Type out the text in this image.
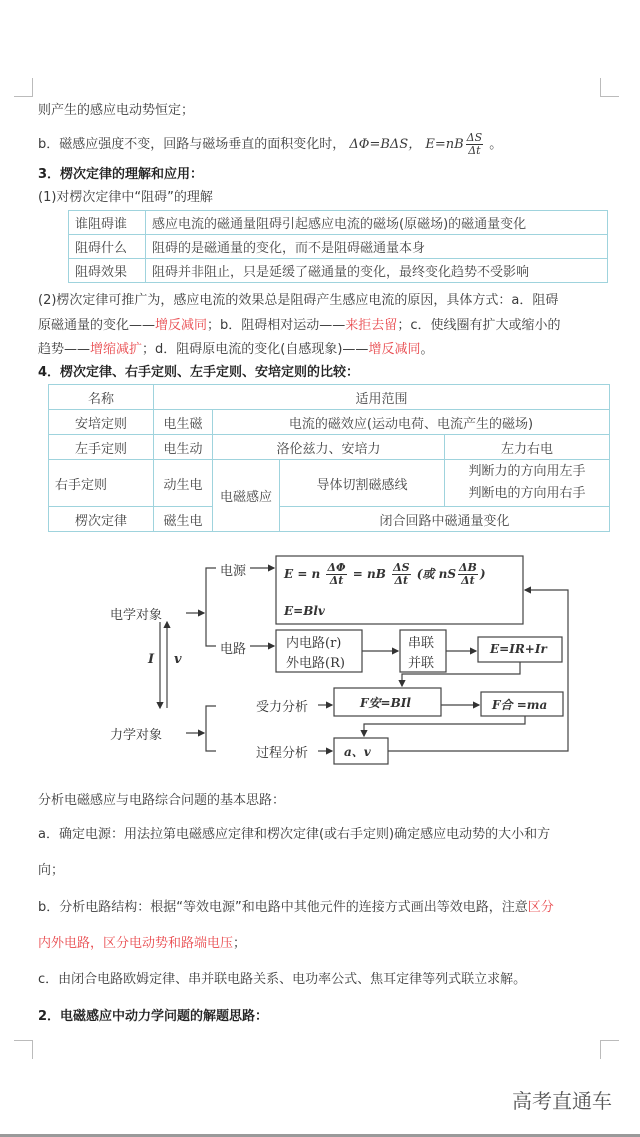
则产生的感应电动势恒定；
b．磁感应强度不变，回路与磁场垂直的面积变化时， ΔΦ=BΔS， $E=nB \frac{\Delta S}{\Delta t}$ 。
3．楞次定律的理解和应用：
(1)对楞次定律中“阻碍”的理解
谁阻碍谁	感应电流的磁通量阻碍引起感应电流的磁场(原磁场)的磁通量变化
阻碍什么	阻碍的是磁通量的变化，而不是阻碍磁通量本身
阻碍效果	阻碍并非阻止，只是延缓了磁通量的变化，最终变化趋势不受影响
(2)楞次定律可推广为，感应电流的效果总是阻碍产生感应电流的原因，具体方式：a．阻碍
原磁通量的变化——增反减同；b．阻碍相对运动——来拒去留；c．使线圈有扩大或缩小的
趋势——增缩减扩；d．阻碍原电流的变化(自感现象)——增反减同。
4．楞次定律、右手定则、左手定则、安培定则的比较：
名称	适用范围			
安培定则	电生磁	电流的磁效应(运动电荷、电流产生的磁场)		
左手定则	电生动	洛伦兹力、安培力		左力右电
右手定则	动生电	电磁感应	导体切割磁感线	判断力的方向用左手
判断电的方向用右手

楞次定律	磁生电		闭合回路中磁通量变化	
电学对象
力学对象
I v
电源
电路
E = n $\frac{\Delta\Phi}{\Delta t}$ = nB $\frac{\Delta S}{\Delta t}$ (或 nS $\frac{\Delta B}{\Delta t}$ )
E=Blv
内电路(r)
外电路(R)
串联
并联
E=IR+Ir
受力分析
过程分析
F安=BIl	F合 =ma
a、v
分析电磁感应与电路综合问题的基本思路：
a．确定电源：用法拉第电磁感应定律和楞次定律(或右手定则)确定感应电动势的大小和方
向；
b．分析电路结构：根据“等效电源”和电路中其他元件的连接方式画出等效电路，注意区分
内外电路，区分电动势和路端电压；
c．由闭合电路欧姆定律、串并联电路关系、电功率公式、焦耳定律等列式联立求解。
2．电磁感应中动力学问题的解题思路：
高考直通车
